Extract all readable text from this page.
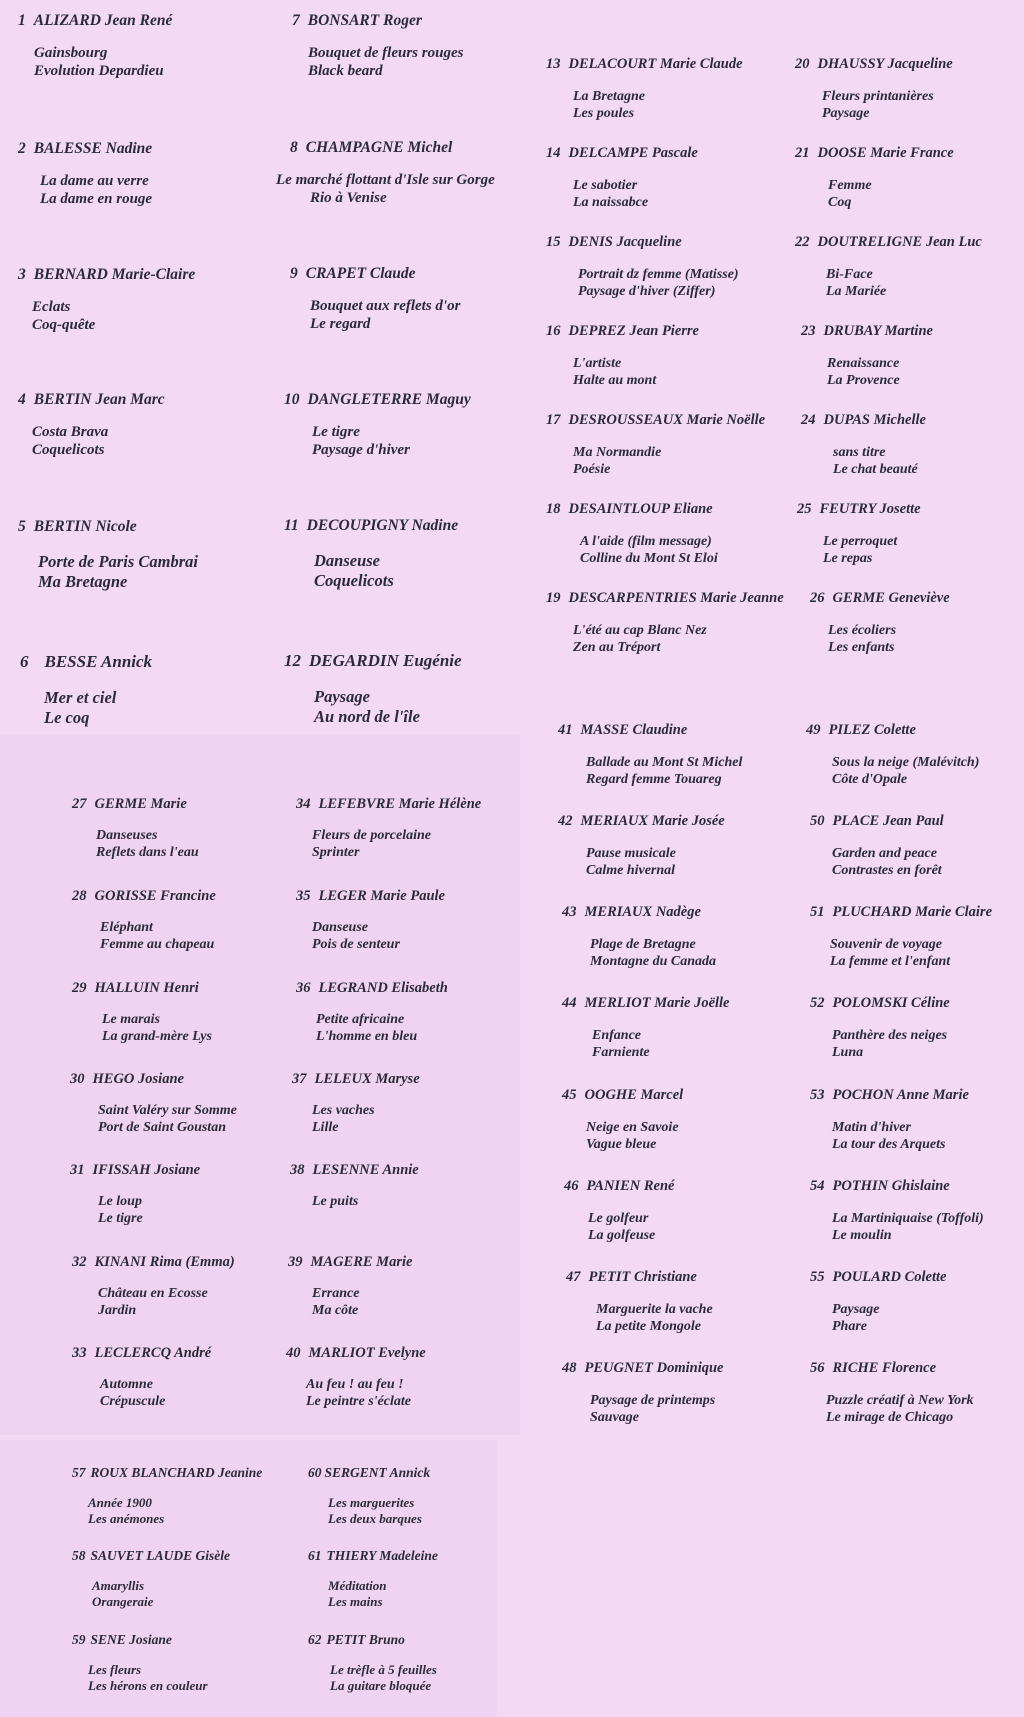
1 ALIZARD Jean René
Gainsbourg
Evolution Depardieu
2 BALESSE Nadine
La dame au verre
La dame en rouge
3 BERNARD Marie-Claire
Eclats
Coq-quête
4 BERTIN Jean Marc
Costa Brava
Coquelicots
5 BERTIN Nicole
Porte de Paris Cambrai
Ma Bretagne
6 BESSE Annick
Mer et ciel
Le coq
7 BONSART Roger
Bouquet de fleurs rouges
Black beard
8 CHAMPAGNE Michel
Le marché flottant d'Isle sur Gorge
Rio à Venise
9 CRAPET Claude
Bouquet aux reflets d'or
Le regard
10 DANGLETERRE Maguy
Le tigre
Paysage d'hiver
11 DECOUPIGNY Nadine
Danseuse
Coquelicots
12 DEGARDIN Eugénie
Paysage
Au nord de l'île
13 DELACOURT Marie Claude
La Bretagne
Les poules
14 DELCAMPE Pascale
Le sabotier
La naissabce
15 DENIS Jacqueline
Portrait dz femme (Matisse)
Paysage d'hiver (Ziffer)
16 DEPREZ Jean Pierre
L'artiste
Halte au mont
17 DESROUSSEAUX Marie Noëlle
Ma Normandie
Poésie
18 DESAINTLOUP Eliane
A l'aide (film message)
Colline du Mont St Eloi
19 DESCARPENTRIES Marie Jeanne
L'été au cap Blanc Nez
Zen au Tréport
20 DHAUSSY Jacqueline
Fleurs printanières
Paysage
21 DOOSE Marie France
Femme
Coq
22 DOUTRELIGNE Jean Luc
Bi-Face
La Mariée
23 DRUBAY Martine
Renaissance
La Provence
24 DUPAS Michelle
sans titre
Le chat beauté
25 FEUTRY Josette
Le perroquet
Le repas
26 GERME Geneviève
Les écoliers
Les enfants
27 GERME Marie
Danseuses
Reflets dans l'eau
28 GORISSE Francine
Eléphant
Femme au chapeau
29 HALLUIN Henri
Le marais
La grand-mère Lys
30 HEGO Josiane
Saint Valéry sur Somme
Port de Saint Goustan
31 IFISSAH Josiane
Le loup
Le tigre
32 KINANI Rima (Emma)
Château en Ecosse
Jardin
33 LECLERCQ André
Automne
Crépuscule
34 LEFEBVRE Marie Hélène
Fleurs de porcelaine
Sprinter
35 LEGER Marie Paule
Danseuse
Pois de senteur
36 LEGRAND Elisabeth
Petite africaine
L'homme en bleu
37 LELEUX Maryse
Les vaches
Lille
38 LESENNE Annie
Le puits
39 MAGERE Marie
Errance
Ma côte
40 MARLIOT Evelyne
Au feu ! au feu !
Le peintre s'éclate
41 MASSE Claudine
Ballade au Mont St Michel
Regard femme Touareg
42 MERIAUX Marie Josée
Pause musicale
Calme hivernal
43 MERIAUX Nadège
Plage de Bretagne
Montagne du Canada
44 MERLIOT Marie Joëlle
Enfance
Farniente
45 OOGHE Marcel
Neige en Savoie
Vague bleue
46 PANIEN René
Le golfeur
La golfeuse
47 PETIT Christiane
Marguerite la vache
La petite Mongole
48 PEUGNET Dominique
Paysage de printemps
Sauvage
49 PILEZ Colette
Sous la neige (Malévitch)
Côte d'Opale
50 PLACE Jean Paul
Garden and peace
Contrastes en forêt
51 PLUCHARD Marie Claire
Souvenir de voyage
La femme et l'enfant
52 POLOMSKI Céline
Panthère des neiges
Luna
53 POCHON Anne Marie
Matin d'hiver
La tour des Arquets
54 POTHIN Ghislaine
La Martiniquaise (Toffoli)
Le moulin
55 POULARD Colette
Paysage
Phare
56 RICHE Florence
Puzzle créatif à New York
Le mirage de Chicago
57 ROUX BLANCHARD Jeanine
Année 1900
Les anémones
58 SAUVET LAUDE Gisèle
Amaryllis
Orangeraie
59 SENE Josiane
Les fleurs
Les hérons en couleur
60 SERGENT Annick
Les marguerites
Les deux barques
61 THIERY Madeleine
Méditation
Les mains
62 PETIT Bruno
Le trèfle à 5 feuilles
La guitare bloquée
